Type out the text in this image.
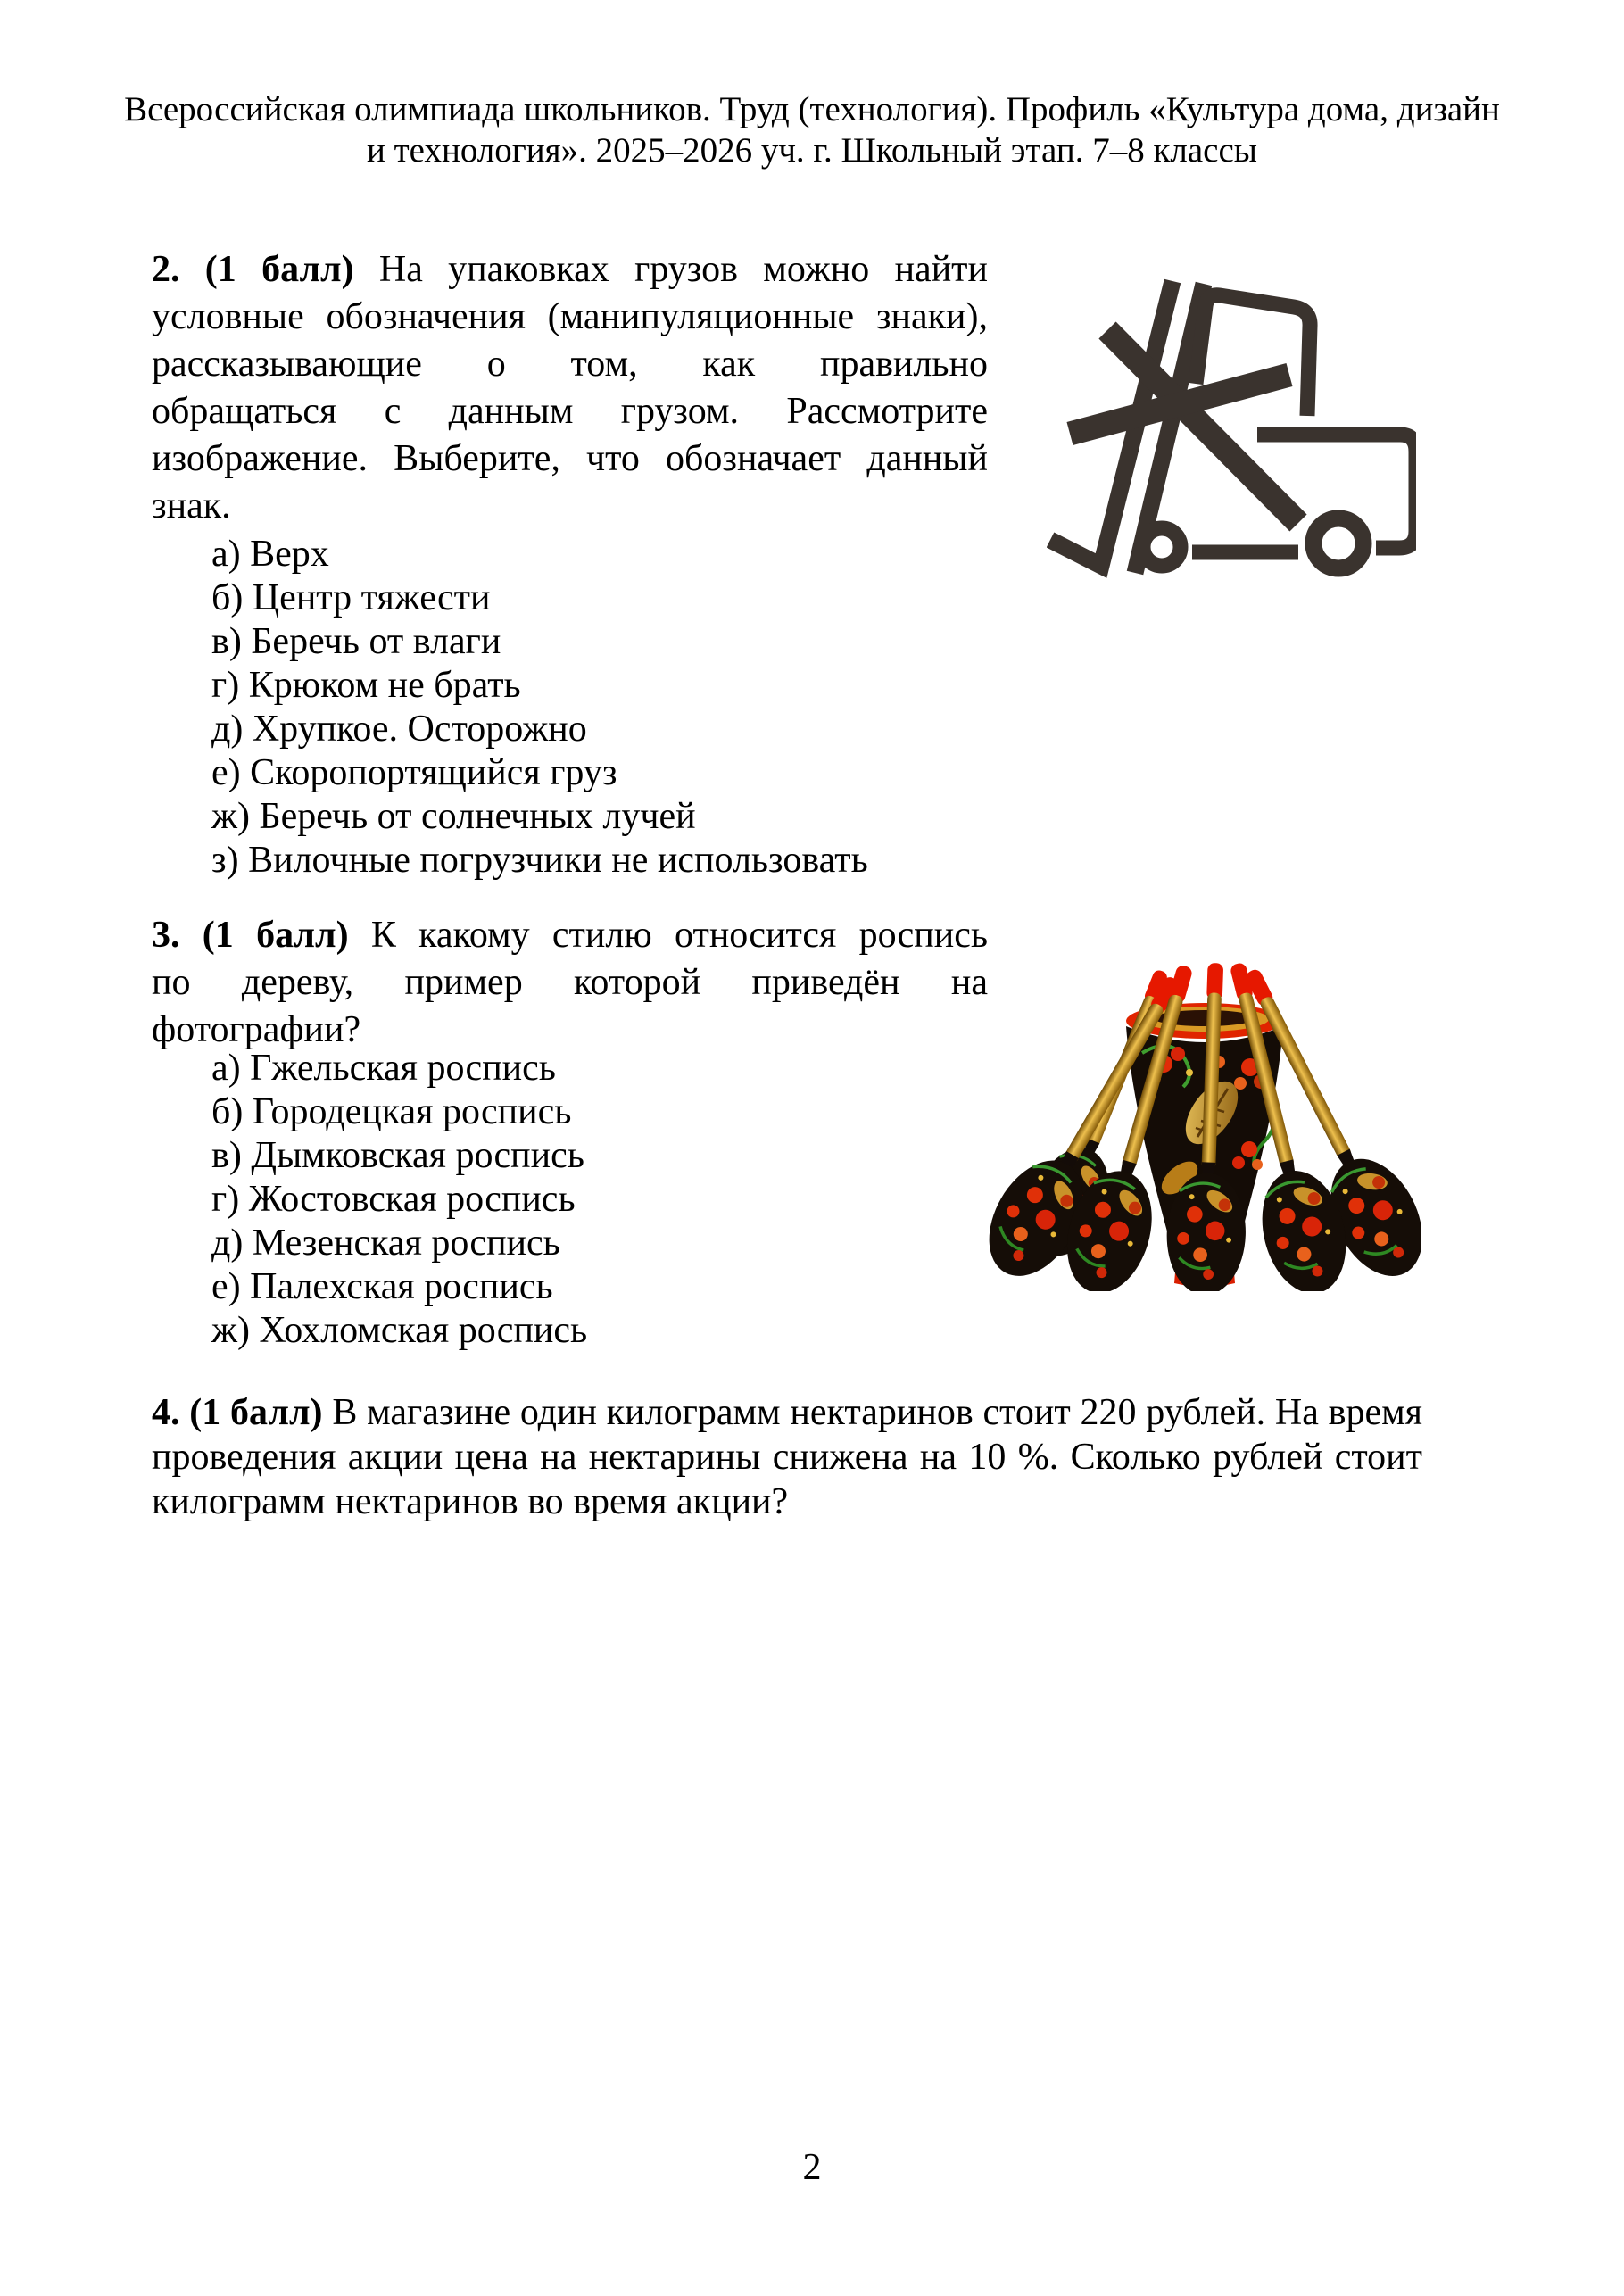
Всероссийская олимпиада школьников. Труд (технология). Профиль «Культура дома, дизайн
и технология». 2025–2026 уч. г. Школьный этап. 7–8 классы
2. (1 балл) На упаковках грузов можно найти
условные обозначения (манипуляционные знаки),
рассказывающие о том, как правильно
обращаться с данным грузом. Рассмотрите
изображение. Выберите, что обозначает данный
знак.
а) Верх
б) Центр тяжести
в) Беречь от влаги
г) Крюком не брать
д) Хрупкое. Осторожно
е) Скоропортящийся груз
ж) Беречь от солнечных лучей
з) Вилочные погрузчики не использовать
3. (1 балл) К какому стилю относится роспись
по дереву, пример которой приведён на
фотографии?
а) Гжельская роспись
б) Городецкая роспись
в) Дымковская роспись
г) Жостовская роспись
д) Мезенская роспись
е) Палехская роспись
ж) Хохломская роспись
4. (1 балл) В магазине один килограмм нектаринов стоит 220 рублей. На время
проведения акции цена на нектарины снижена на 10 %. Сколько рублей стоит
килограмм нектаринов во время акции?
2
